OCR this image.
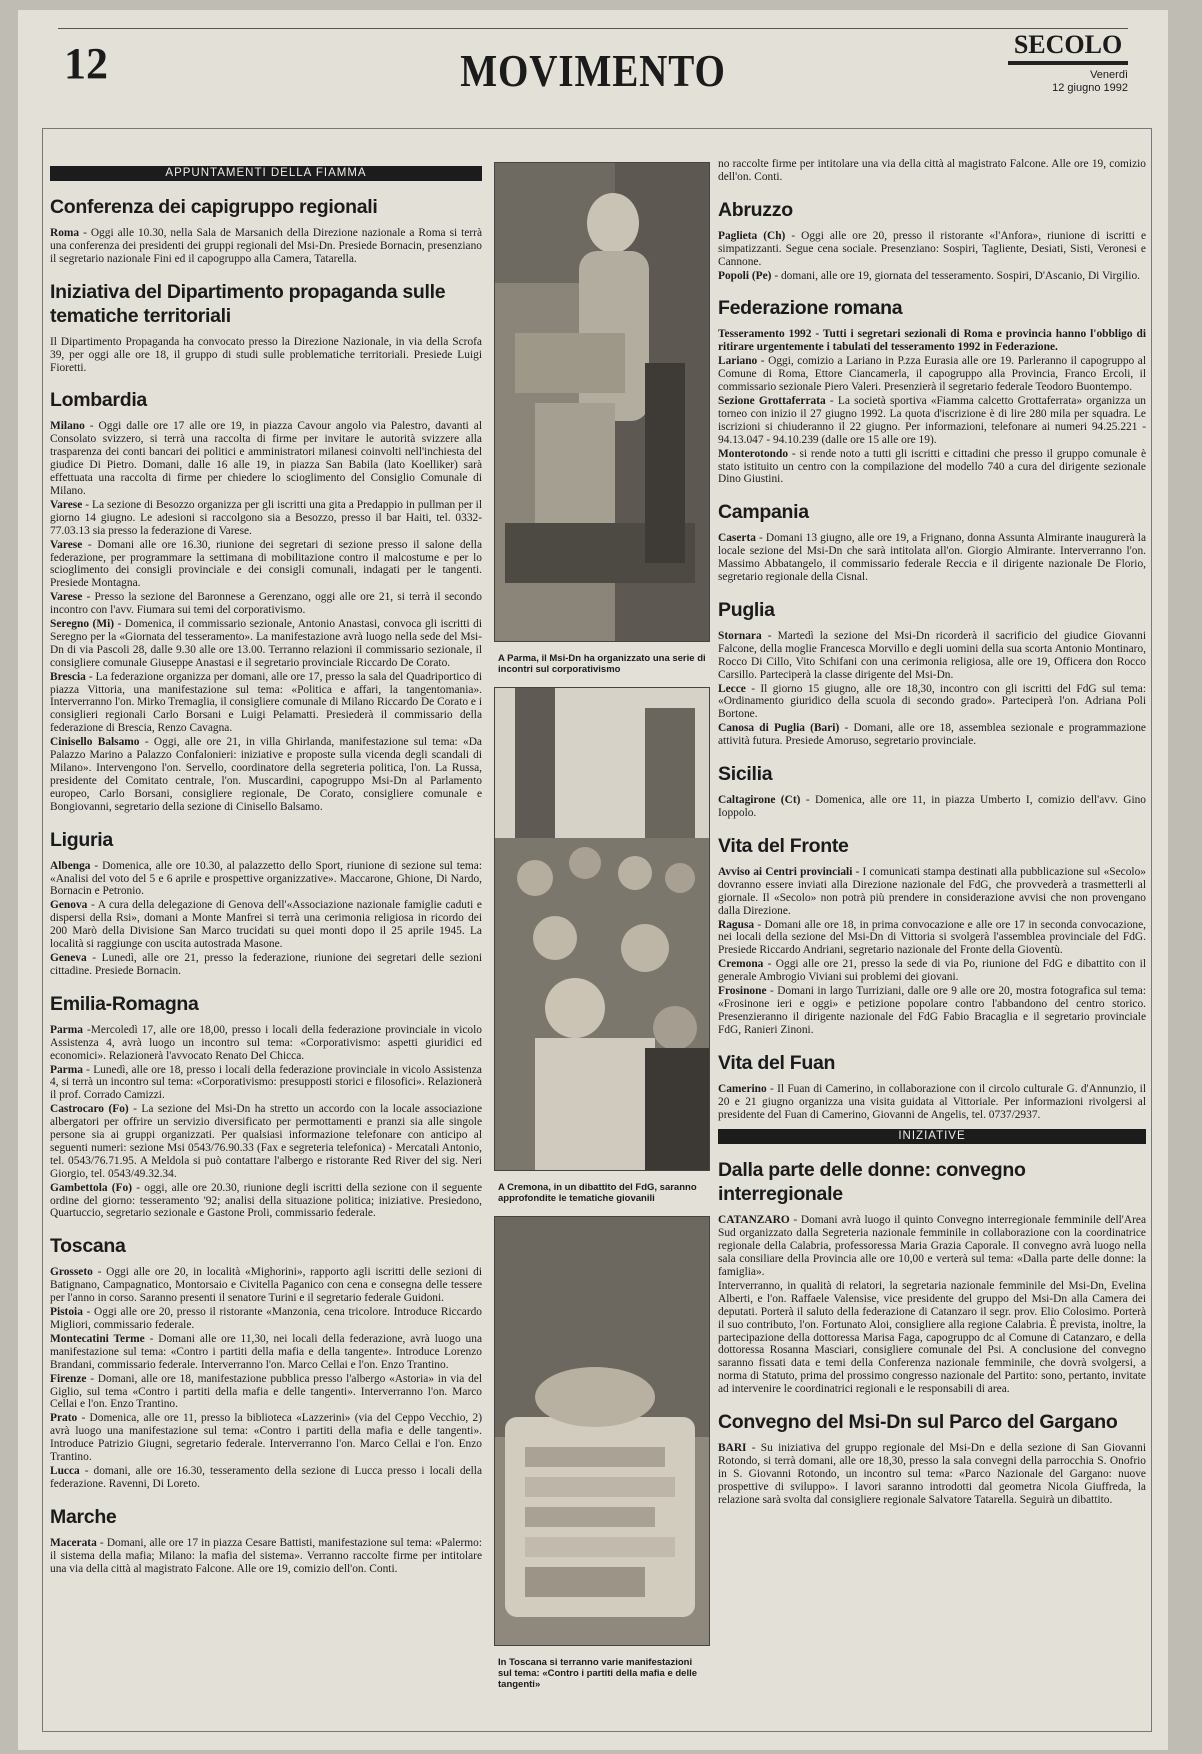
12	MOVIMENTO
SECOLO
Venerdì
12 giugno 1992
APPUNTAMENTI DELLA FIAMMA
Conferenza dei capigruppo regionali

Roma - Oggi alle 10.30, nella Sala de Marsanich della Direzione nazionale a Roma si terrà una conferenza dei presidenti dei gruppi regionali del Msi-Dn. Presiede Bornacin, presenziano il segretario nazionale Fini ed il capogruppo alla Camera, Tatarella.

Iniziativa del Dipartimento propaganda sulle tematiche territoriali

Il Dipartimento Propaganda ha convocato presso la Direzione Nazionale, in via della Scrofa 39, per oggi alle ore 18, il gruppo di studi sulle problematiche territoriali. Presiede Luigi Fioretti.

Lombardia

Milano - Oggi dalle ore 17 alle ore 19, in piazza Cavour angolo via Palestro, davanti al Consolato svizzero, si terrà una raccolta di firme per invitare le autorità svizzere alla trasparenza dei conti bancari dei politici e amministratori milanesi coinvolti nell'inchiesta del giudice Di Pietro. Domani, dalle 16 alle 19, in piazza San Babila (lato Koelliker) sarà effettuata una raccolta di firme per chiedere lo scioglimento del Consiglio Comunale di Milano.

Varese - La sezione di Besozzo organizza per gli iscritti una gita a Predappio in pullman per il giorno 14 giugno. Le adesioni si raccolgono sia a Besozzo, presso il bar Haiti, tel. 0332-77.03.13 sia presso la federazione di Varese.

Varese - Domani alle ore 16.30, riunione dei segretari di sezione presso il salone della federazione, per programmare la settimana di mobilitazione contro il malcostume e per lo scioglimento dei consigli provinciale e dei consigli comunali, indagati per le tangenti. Presiede Montagna.

Varese - Presso la sezione del Baronnese a Gerenzano, oggi alle ore 21, si terrà il secondo incontro con l'avv. Fiumara sui temi del corporativismo.

Seregno (Mi) - Domenica, il commissario sezionale, Antonio Anastasi, convoca gli iscritti di Seregno per la «Giornata del tesseramento». La manifestazione avrà luogo nella sede del Msi-Dn di via Pascoli 28, dalle 9.30 alle ore 13.00. Terranno relazioni il commissario sezionale, il consigliere comunale Giuseppe Anastasi e il segretario provinciale Riccardo De Corato.

Brescia - La federazione organizza per domani, alle ore 17, presso la sala del Quadriportico di piazza Vittoria, una manifestazione sul tema: «Politica e affari, la tangentomania». Interverranno l'on. Mirko Tremaglia, il consigliere comunale di Milano Riccardo De Corato e i consiglieri regionali Carlo Borsani e Luigi Pelamatti. Presiederà il commissario della federazione di Brescia, Renzo Cavagna.

Cinisello Balsamo - Oggi, alle ore 21, in villa Ghirlanda, manifestazione sul tema: «Da Palazzo Marino a Palazzo Confalonieri: iniziative e proposte sulla vicenda degli scandali di Milano». Intervengono l'on. Servello, coordinatore della segreteria politica, l'on. La Russa, presidente del Comitato centrale, l'on. Muscardini, capogruppo Msi-Dn al Parlamento europeo, Carlo Borsani, consigliere regionale, De Corato, consigliere comunale e Bongiovanni, segretario della sezione di Cinisello Balsamo.

Liguria

Albenga - Domenica, alle ore 10.30, al palazzetto dello Sport, riunione di sezione sul tema: «Analisi del voto del 5 e 6 aprile e prospettive organizzative». Maccarone, Ghione, Di Nardo, Bornacin e Petronio.

Genova - A cura della delegazione di Genova dell'«Associazione nazionale famiglie caduti e dispersi della Rsi», domani a Monte Manfrei si terrà una cerimonia religiosa in ricordo dei 200 Marò della Divisione San Marco trucidati su quei monti dopo il 25 aprile 1945. La località si raggiunge con uscita autostrada Masone.

Geneva - Lunedì, alle ore 21, presso la federazione, riunione dei segretari delle sezioni cittadine. Presiede Bornacin.

Emilia-Romagna

Parma -Mercoledì 17, alle ore 18,00, presso i locali della federazione provinciale in vicolo Assistenza 4, avrà luogo un incontro sul tema: «Corporativismo: aspetti giuridici ed economici». Relazionerà l'avvocato Renato Del Chicca.

Parma - Lunedì, alle ore 18, presso i locali della federazione provinciale in vicolo Assistenza 4, si terrà un incontro sul tema: «Corporativismo: presupposti storici e filosofici». Relazionerà il prof. Corrado Camizzi.

Castrocaro (Fo) - La sezione del Msi-Dn ha stretto un accordo con la locale associazione albergatori per offrire un servizio diversificato per permottamenti e pranzi sia alle singole persone sia ai gruppi organizzati. Per qualsiasi informazione telefonare con anticipo al seguenti numeri: sezione Msi 0543/76.90.33 (Fax e segreteria telefonica) - Mercatali Antonio, tel. 0543/76.71.95. A Meldola si può contattare l'albergo e ristorante Red River del sig. Neri Giorgio, tel. 0543/49.32.34.

Gambettola (Fo) - oggi, alle ore 20.30, riunione degli iscritti della sezione con il seguente ordine del giorno: tesseramento '92; analisi della situazione politica; iniziative. Presiedono, Quartuccio, segretario sezionale e Gastone Proli, commissario federale.

Toscana

Grosseto - Oggi alle ore 20, in località «Mighorini», rapporto agli iscritti delle sezioni di Batignano, Campagnatico, Montorsaio e Civitella Paganico con cena e consegna delle tessere per l'anno in corso. Saranno presenti il senatore Turini e il segretario federale Guidoni.

Pistoia - Oggi alle ore 20, presso il ristorante «Manzonia, cena tricolore. Introduce Riccardo Migliori, commissario federale.

Montecatini Terme - Domani alle ore 11,30, nei locali della federazione, avrà luogo una manifestazione sul tema: «Contro i partiti della mafia e della tangente». Introduce Lorenzo Brandani, commissario federale. Interverranno l'on. Marco Cellai e l'on. Enzo Trantino.

Firenze - Domani, alle ore 18, manifestazione pubblica presso l'albergo «Astoria» in via del Giglio, sul tema «Contro i partiti della mafia e delle tangenti». Interverranno l'on. Marco Cellai e l'on. Enzo Trantino.

Prato - Domenica, alle ore 11, presso la biblioteca «Lazzerini» (via del Ceppo Vecchio, 2) avrà luogo una manifestazione sul tema: «Contro i partiti della mafia e delle tangenti». Introduce Patrizio Giugni, segretario federale. Interverranno l'on. Marco Cellai e l'on. Enzo Trantino.

Lucca - domani, alle ore 16.30, tesseramento della sezione di Lucca presso i locali della federazione. Ravenni, Di Loreto.

Marche

Macerata - Domani, alle ore 17 in piazza Cesare Battisti, manifestazione sul tema: «Palermo: il sistema della mafia; Milano: la mafia del sistema». Verranno raccolte firme per intitolare una via della città al magistrato Falcone. Alle ore 19, comizio dell'on. Conti.

A Parma, il Msi-Dn ha organizzato una serie di incontri sul corporativismo
A Cremona, in un dibattito del FdG, saranno approfondite le tematiche giovanili
In Toscana si terranno varie manifestazioni sul tema: «Contro i partiti della mafia e delle tangenti»

no raccolte firme per intitolare una via della città al magistrato Falcone. Alle ore 19, comizio dell'on. Conti.

Abruzzo

Paglieta (Ch) - Oggi alle ore 20, presso il ristorante «l'Anfora», riunione di iscritti e simpatizzanti. Segue cena sociale. Presenziano: Sospiri, Tagliente, Desiati, Sisti, Veronesi e Cannone.

Popoli (Pe) - domani, alle ore 19, giornata del tesseramento. Sospiri, D'Ascanio, Di Virgilio.

Federazione romana

Tesseramento 1992 - Tutti i segretari sezionali di Roma e provincia hanno l'obbligo di ritirare urgentemente i tabulati del tesseramento 1992 in Federazione.

Lariano - Oggi, comizio a Lariano in P.zza Eurasia alle ore 19. Parleranno il capogruppo al Comune di Roma, Ettore Ciancamerla, il capogruppo alla Provincia, Franco Ercoli, il commissario sezionale Piero Valeri. Presenzierà il segretario federale Teodoro Buontempo.

Sezione Grottaferrata - La società sportiva «Fiamma calcetto Grottaferrata» organizza un torneo con inizio il 27 giugno 1992. La quota d'iscrizione è di lire 280 mila per squadra. Le iscrizioni si chiuderanno il 22 giugno. Per informazioni, telefonare ai numeri 94.25.221 - 94.13.047 - 94.10.239 (dalle ore 15 alle ore 19).

Monterotondo - si rende noto a tutti gli iscritti e cittadini che presso il gruppo comunale è stato istituito un centro con la compilazione del modello 740 a cura del dirigente sezionale Dino Giustini.

Campania

Caserta - Domani 13 giugno, alle ore 19, a Frignano, donna Assunta Almirante inaugurerà la locale sezione del Msi-Dn che sarà intitolata all'on. Giorgio Almirante. Interverranno l'on. Massimo Abbatangelo, il commissario federale Reccia e il dirigente nazionale De Florio, segretario regionale della Cisnal.

Puglia

Stornara - Martedì la sezione del Msi-Dn ricorderà il sacrificio del giudice Giovanni Falcone, della moglie Francesca Morvillo e degli uomini della sua scorta Antonio Montinaro, Rocco Di Cillo, Vito Schifani con una cerimonia religiosa, alle ore 19, Officera don Rocco Carsillo. Parteciperà la classe dirigente del Msi-Dn.

Lecce - Il giorno 15 giugno, alle ore 18,30, incontro con gli iscritti del FdG sul tema: «Ordinamento giuridico della scuola di secondo grado». Parteciperà l'on. Adriana Poli Bortone.

Canosa di Puglia (Bari) - Domani, alle ore 18, assemblea sezionale e programmazione attività futura. Presiede Amoruso, segretario provinciale.

Sicilia

Caltagirone (Ct) - Domenica, alle ore 11, in piazza Umberto I, comizio dell'avv. Gino Ioppolo.

Vita del Fronte

Avviso ai Centri provinciali - I comunicati stampa destinati alla pubblicazione sul «Secolo» dovranno essere inviati alla Direzione nazionale del FdG, che provvederà a trasmetterli al giornale. Il «Secolo» non potrà più prendere in considerazione avvisi che non provengano dalla Direzione.

Ragusa - Domani alle ore 18, in prima convocazione e alle ore 17 in seconda convocazione, nei locali della sezione del Msi-Dn di Vittoria si svolgerà l'assemblea provinciale del FdG. Presiede Riccardo Andriani, segretario nazionale del Fronte della Gioventù.

Cremona - Oggi alle ore 21, presso la sede di via Po, riunione del FdG e dibattito con il generale Ambrogio Viviani sui problemi dei giovani.

Frosinone - Domani in largo Turriziani, dalle ore 9 alle ore 20, mostra fotografica sul tema: «Frosinone ieri e oggi» e petizione popolare contro l'abbandono del centro storico. Presenzieranno il dirigente nazionale del FdG Fabio Bracaglia e il segretario provinciale FdG, Ranieri Zinoni.

Vita del Fuan

Camerino - Il Fuan di Camerino, in collaborazione con il circolo culturale G. d'Annunzio, il 20 e 21 giugno organizza una visita guidata al Vittoriale. Per informazioni rivolgersi al presidente del Fuan di Camerino, Giovanni de Angelis, tel. 0737/2937.

INIZIATIVE
Dalla parte delle donne: convegno interregionale

CATANZARO - Domani avrà luogo il quinto Convegno interregionale femminile dell'Area Sud organizzato dalla Segreteria nazionale femminile in collaborazione con la coordinatrice regionale della Calabria, professoressa Maria Grazia Caporale. Il convegno avrà luogo nella sala consiliare della Provincia alle ore 10,00 e verterà sul tema: «Dalla parte delle donne: la famiglia».

Interverranno, in qualità di relatori, la segretaria nazionale femminile del Msi-Dn, Evelina Alberti, e l'on. Raffaele Valensise, vice presidente del gruppo del Msi-Dn alla Camera dei deputati. Porterà il saluto della federazione di Catanzaro il segr. prov. Elio Colosimo. Porterà il suo contributo, l'on. Fortunato Aloi, consigliere alla regione Calabria. È prevista, inoltre, la partecipazione della dottoressa Marisa Faga, capogruppo dc al Comune di Catanzaro, e della dottoressa Rosanna Masciari, consigliere comunale del Psi. A conclusione del convegno saranno fissati data e temi della Conferenza nazionale femminile, che dovrà svolgersi, a norma di Statuto, prima del prossimo congresso nazionale del Partito: sono, pertanto, invitate ad intervenire le coordinatrici regionali e le responsabili di area.

Convegno del Msi-Dn sul Parco del Gargano

BARI - Su iniziativa del gruppo regionale del Msi-Dn e della sezione di San Giovanni Rotondo, si terrà domani, alle ore 18,30, presso la sala convegni della parrocchia S. Onofrio in S. Giovanni Rotondo, un incontro sul tema: «Parco Nazionale del Gargano: nuove prospettive di sviluppo». I lavori saranno introdotti dal geometra Nicola Giuffreda, la relazione sarà svolta dal consigliere regionale Salvatore Tatarella. Seguirà un dibattito.
